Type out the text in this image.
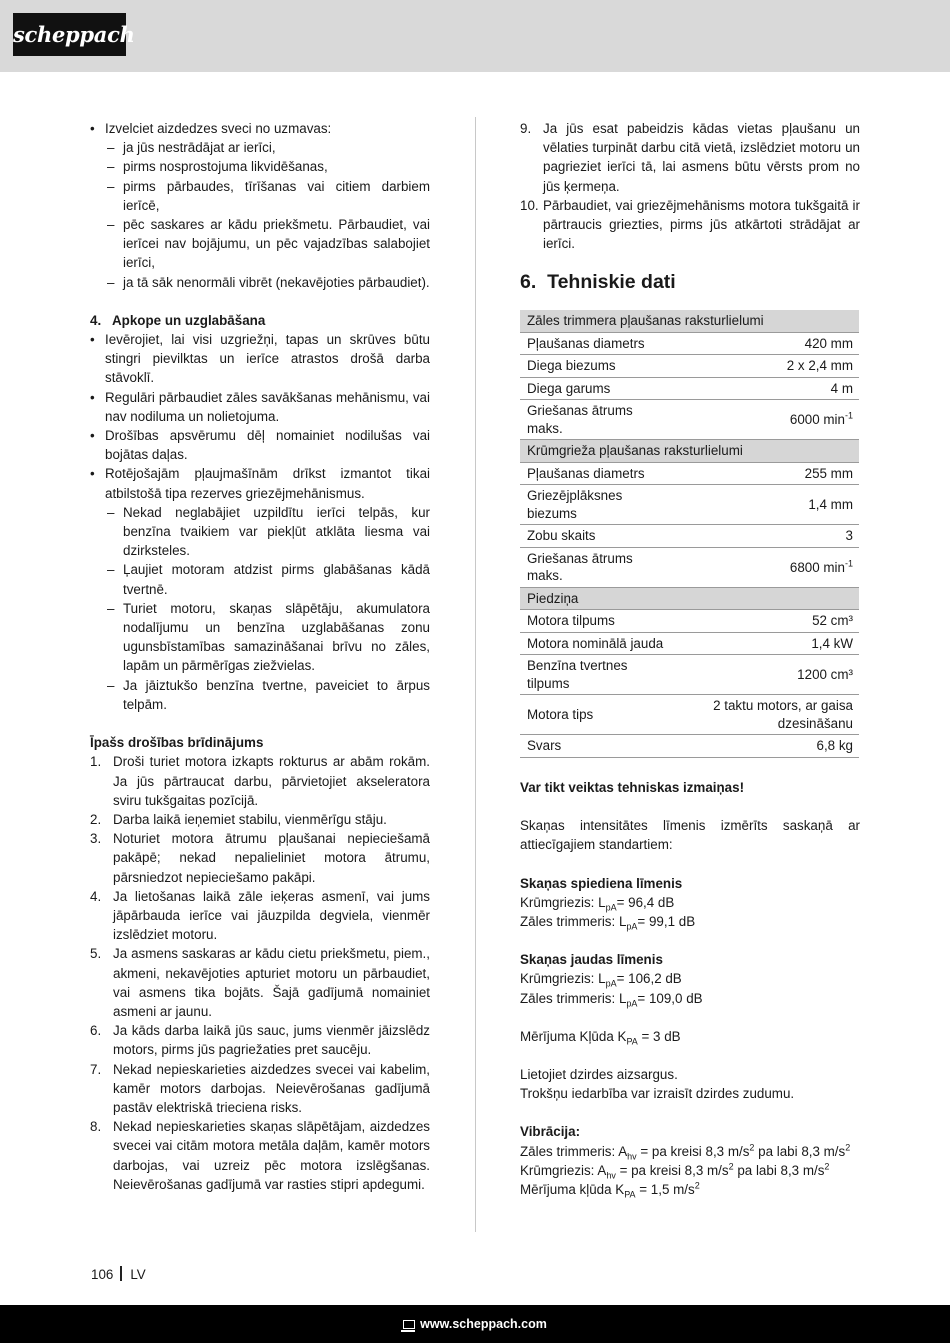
scheppach
• Izvelciet aizdedzes sveci no uzmavas:
– ja jūs nestrādājat ar ierīci,
– pirms nosprostojuma likvidēšanas,
– pirms pārbaudes, tīrīšanas vai citiem darbiem ierīcē,
– pēc saskares ar kādu priekšmetu. Pārbaudiet, vai ierīcei nav bojājumu, un pēc vajadzības salabojiet ierīci,
– ja tā sāk nenormāli vibrēt (nekavējoties pārbaudiet).
4. Apkope un uzglabāšana
• Ievērojiet, lai visi uzgriežņi, tapas un skrūves būtu stingri pievilktas un ierīce atrastos drošā darba stāvoklī.
• Regulāri pārbaudiet zāles savākšanas mehānismu, vai nav nodiluma un nolietojuma.
• Drošības apsvērumu dēļ nomainiet nodilušas vai bojātas daļas.
• Rotējošajām pļaujmašīnām drīkst izmantot tikai atbilstošā tipa rezerves griezējmehānismus.
– Nekad neglabājiet uzpildītu ierīci telpās, kur benzīna tvaikiem var piekļūt atklāta liesma vai dzirksteles.
– Ļaujiet motoram atdzist pirms glabāšanas kādā tvertnē.
– Turiet motoru, skaņas slāpētāju, akumulatora nodalījumu un benzīna uzglabāšanas zonu ugunsbīstamības samazināšanai brīvu no zāles, lapām un pārmērīgas ziežvielas.
– Ja jāiztukšo benzīna tvertne, paveiciet to ārpus telpām.
Īpašs drošības brīdinājums
1. Droši turiet motora izkapts rokturus ar abām rokām. Ja jūs pārtraucat darbu, pārvietojiet akseleratora sviru tukšgaitas pozīcijā.
2. Darba laikā ieņemiet stabilu, vienmērīgu stāju.
3. Noturiet motora ātrumu pļaušanai nepieciešamā pakāpē; nekad nepalieliniet motora ātrumu, pārsniedzot nepieciešamo pakāpi.
4. Ja lietošanas laikā zāle ieķeras asmenī, vai jums jāpārbauda ierīce vai jāuzpilda degviela, vienmēr izslēdziet motoru.
5. Ja asmens saskaras ar kādu cietu priekšmetu, piem., akmeni, nekavējoties apturiet motoru un pārbaudiet, vai asmens tika bojāts. Šajā gadījumā nomainiet asmeni ar jaunu.
6. Ja kāds darba laikā jūs sauc, jums vienmēr jāizslēdz motors, pirms jūs pagriežaties pret saucēju.
7. Nekad nepieskarieties aizdedzes svecei vai kabelim, kamēr motors darbojas. Neievērošanas gadījumā pastāv elektriskā trieciena risks.
8. Nekad nepieskarieties skaņas slāpētājam, aizdedzes svecei vai citām motora metāla daļām, kamēr motors darbojas, vai uzreiz pēc motora izslēgšanas. Neievērošanas gadījumā var rasties stipri apdegumi.
9. Ja jūs esat pabeidzis kādas vietas pļaušanu un vēlaties turpināt darbu citā vietā, izslēdziet motoru un pagrieziet ierīci tā, lai asmens būtu vērsts prom no jūs ķermeņa.
10. Pārbaudiet, vai griezējmehānisms motora tukšgaitā ir pārtraucis griezties, pirms jūs atkārtoti strādājat ar ierīci.
6. Tehniskie dati
Zāles trimmera pļaušanas raksturlielumi	
Pļaušanas diametrs	420 mm
Diega biezums	2 x 2,4 mm
Diega garums	4 m
Griešanas ātrums maks.	6000 $\min^{-1}$
Krūmgrieža pļaušanas raksturlielumi	
Pļaušanas diametrs	255 mm
Griezējplāksnes biezums	1,4 mm
Zobu skaits	3
Griešanas ātrums maks.	6800 $\min^{-1}$
Piedziņa	
Motora tilpums	52 cm³
Motora nominālā jauda	1,4 kW
Benzīna tvertnes tilpums	1200 cm³
Motora tips	2 taktu motors, ar gaisa dzesināšanu
Svars	6,8 kg
Var tikt veiktas tehniskas izmaiņas!
Skaņas intensitātes līmenis izmērīts saskaņā ar attiecīgajiem standartiem:
Skaņas spiediena līmenis
Krūmgriezis: $L_{pA}= 96,4$ dB
Zāles trimmeris: $L_{pA}= 99,1$ dB
Skaņas jaudas līmenis
Krūmgriezis: $L_{pA}= 106,2$ dB
Zāles trimmeris: $L_{pA}= 109,0$ dB
Mērījuma Kļūda $K_{PA} = 3$ dB
Lietojiet dzirdes aizsargus.
Trokšņu iedarbība var izraisīt dzirdes zudumu.
Vibrācija:
Zāles trimmeris: $A_{hv}$ = pa kreisi 8,3 $m/s^2$ pa labi 8,3 $m/s^2$
Krūmgriezis: $A_{hv}$ = pa kreisi 8,3 $m/s^2$ pa labi 8,3 $m/s^2$
Mērījuma kļūda $K_{PA} = 1,5$ $m/s^2$
106 LV
www.scheppach.com
